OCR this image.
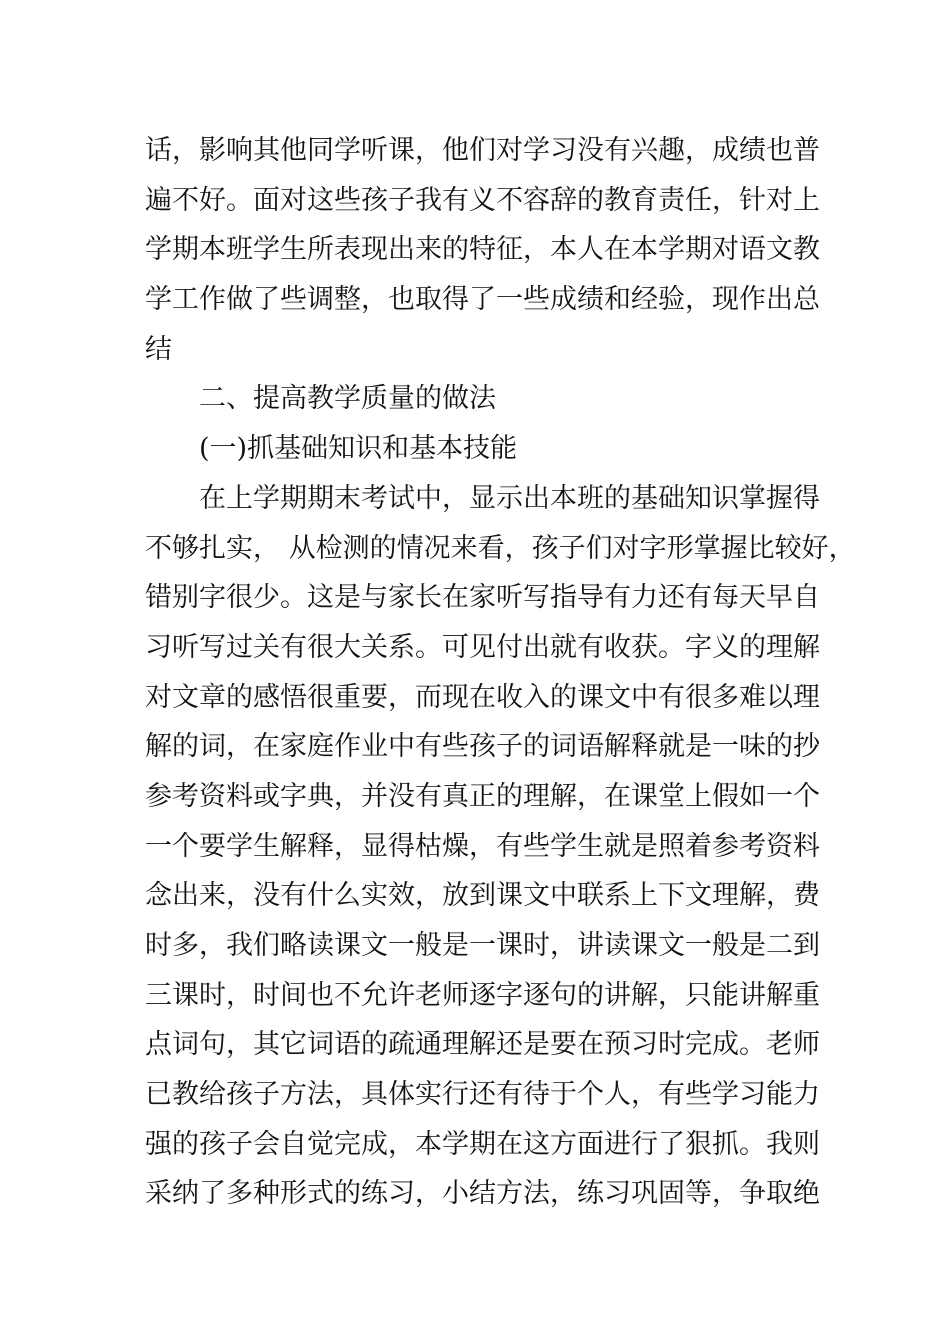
话，影响其他同学听课，他们对学习没有兴趣，成绩也普
遍不好。面对这些孩子我有义不容辞的教育责任，针对上
学期本班学生所表现出来的特征，本人在本学期对语文教
学工作做了些调整，也取得了一些成绩和经验，现作出总
结
二、提高教学质量的做法
(一)抓基础知识和基本技能
在上学期期末考试中，显示出本班的基础知识掌握得
不够扎实， 从检测的情况来看，孩子们对字形掌握比较好，
错别字很少。这是与家长在家听写指导有力还有每天早自
习听写过关有很大关系。可见付出就有收获。字义的理解
对文章的感悟很重要，而现在收入的课文中有很多难以理
解的词，在家庭作业中有些孩子的词语解释就是一味的抄
参考资料或字典，并没有真正的理解，在课堂上假如一个
一个要学生解释，显得枯燥，有些学生就是照着参考资料
念出来，没有什么实效，放到课文中联系上下文理解，费
时多，我们略读课文一般是一课时，讲读课文一般是二到
三课时，时间也不允许老师逐字逐句的讲解，只能讲解重
点词句，其它词语的疏通理解还是要在预习时完成。老师
已教给孩子方法，具体实行还有待于个人，有些学习能力
强的孩子会自觉完成，本学期在这方面进行了狠抓。我则
采纳了多种形式的练习，小结方法，练习巩固等，争取绝
